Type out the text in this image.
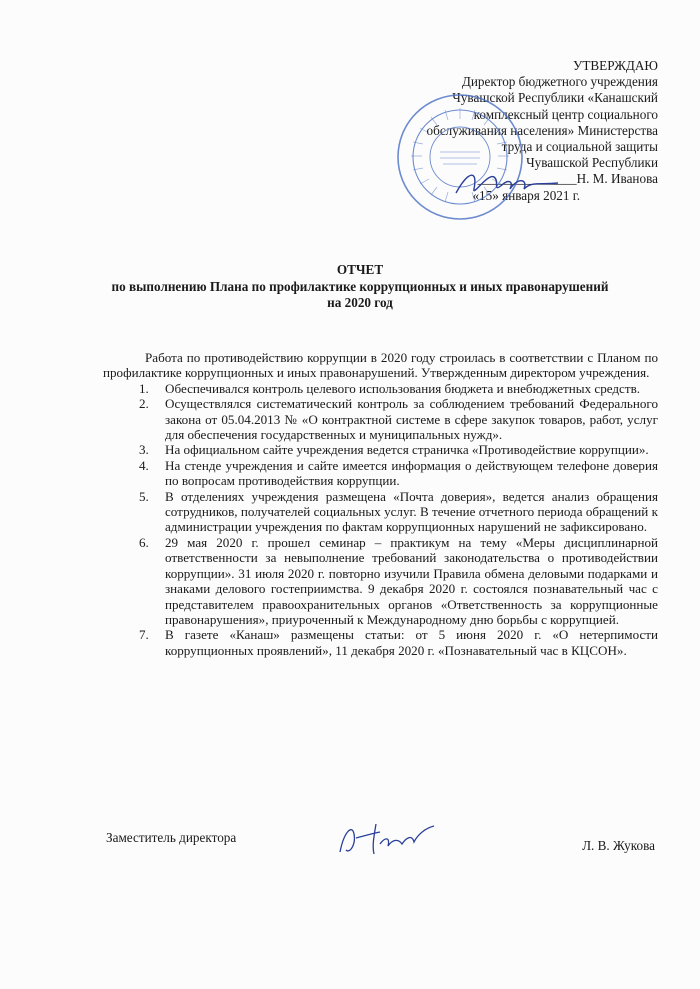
УТВЕРЖДАЮ
Директор бюджетного учреждения
Чувашской Республики «Канашский
комплексный центр социального
обслуживания населения» Министерства
труда и социальной защиты
Чувашской Республики
_______________Н. М. Иванова
«15» января 2021 г.
ОТЧЕТ
по выполнению Плана по профилактике коррупционных и иных правонарушений
на 2020 год

Работа по противодействию коррупции в 2020 году строилась в соответствии с Планом по профилактике коррупционных и иных правонарушений. Утвержденным директором учреждения.

1. Обеспечивался контроль целевого использования бюджета и внебюджетных средств.
2. Осуществлялся систематический контроль за соблюдением требований Федерального закона от 05.04.2013 № «О контрактной системе в сфере закупок товаров, работ, услуг для обеспечения государственных и муниципальных нужд».
3. На официальном сайте учреждения ведется страничка «Противодействие коррупции».
4. На стенде учреждения и сайте имеется информация о действующем телефоне доверия по вопросам противодействия коррупции.
5. В отделениях учреждения размещена «Почта доверия», ведется анализ обращения сотрудников, получателей социальных услуг. В течение отчетного периода обращений к администрации учреждения по фактам коррупционных нарушений не зафиксировано.
6. 29 мая 2020 г. прошел семинар – практикум на тему «Меры дисциплинарной ответственности за невыполнение требований законодательства о противодействии коррупции». 31 июля 2020 г. повторно изучили Правила обмена деловыми подарками и знаками делового гостеприимства. 9 декабря 2020 г. состоялся познавательный час с представителем правоохранительных органов «Ответственность за коррупционные правонарушения», приуроченный к Международному дню борьбы с коррупцией.
7. В газете «Канаш» размещены статьи: от 5 июня 2020 г. «О нетерпимости коррупционных проявлений», 11 декабря 2020 г. «Познавательный час в КЦСОН».
Заместитель директора
Л. В. Жукова
